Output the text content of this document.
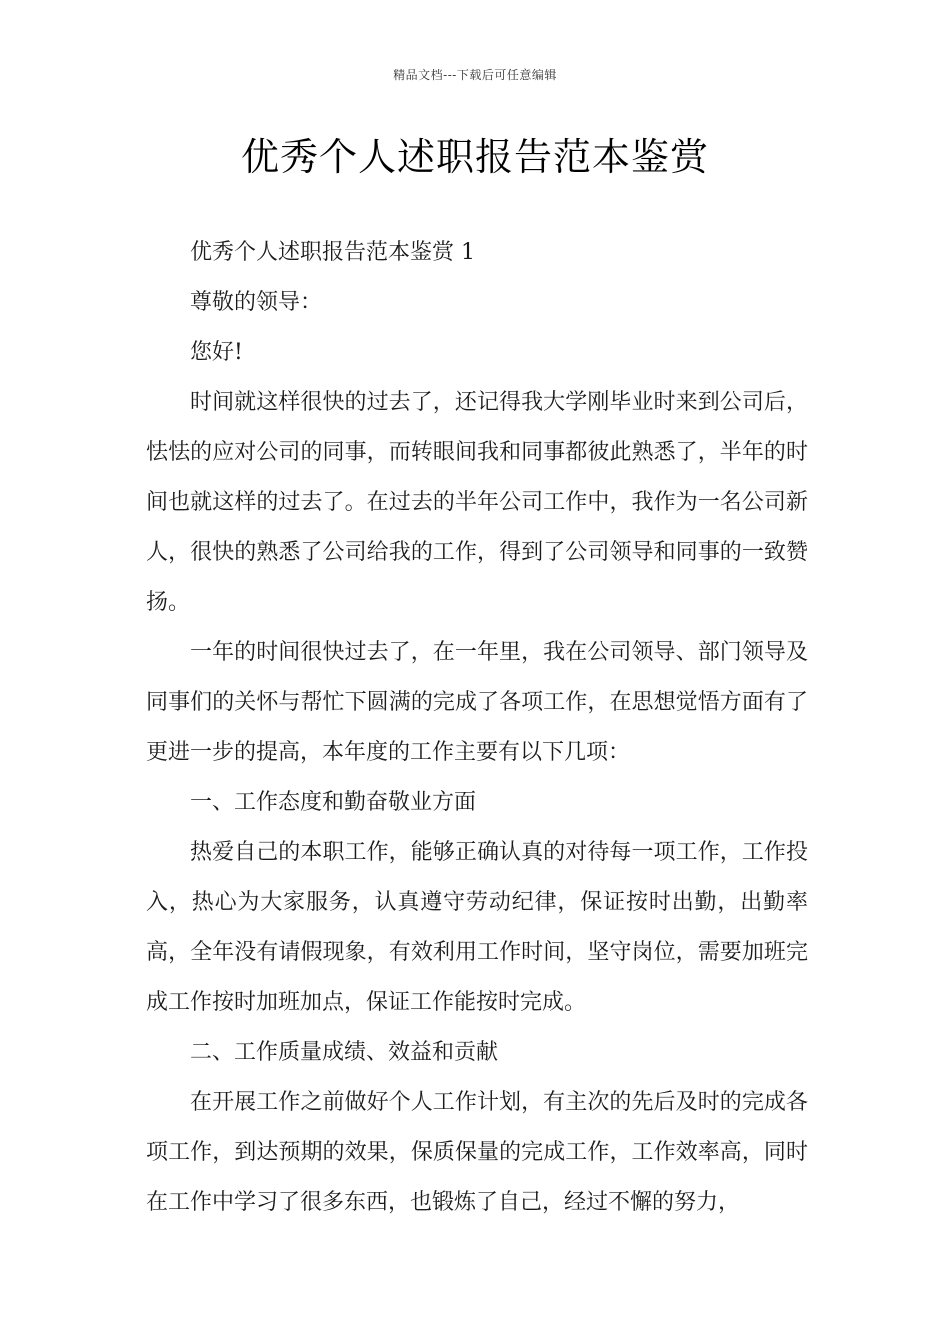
精品文档---下载后可任意编辑
优秀个人述职报告范本鉴赏

优秀个人述职报告范本鉴赏 1

尊敬的领导：

您好!

时间就这样很快的过去了，还记得我大学刚毕业时来到公司后，怯怯的应对公司的同事，而转眼间我和同事都彼此熟悉了，半年的时间也就这样的过去了。在过去的半年公司工作中，我作为一名公司新人，很快的熟悉了公司给我的工作，得到了公司领导和同事的一致赞扬。

一年的时间很快过去了，在一年里，我在公司领导、部门领导及同事们的关怀与帮忙下圆满的完成了各项工作，在思想觉悟方面有了更进一步的提高，本年度的工作主要有以下几项：

一、工作态度和勤奋敬业方面

热爱自己的本职工作，能够正确认真的对待每一项工作，工作投入，热心为大家服务，认真遵守劳动纪律，保证按时出勤，出勤率高，全年没有请假现象，有效利用工作时间，坚守岗位，需要加班完成工作按时加班加点，保证工作能按时完成。

二、工作质量成绩、效益和贡献

在开展工作之前做好个人工作计划，有主次的先后及时的完成各项工作，到达预期的效果，保质保量的完成工作，工作效率高，同时在工作中学习了很多东西，也锻炼了自己，经过不懈的努力，
